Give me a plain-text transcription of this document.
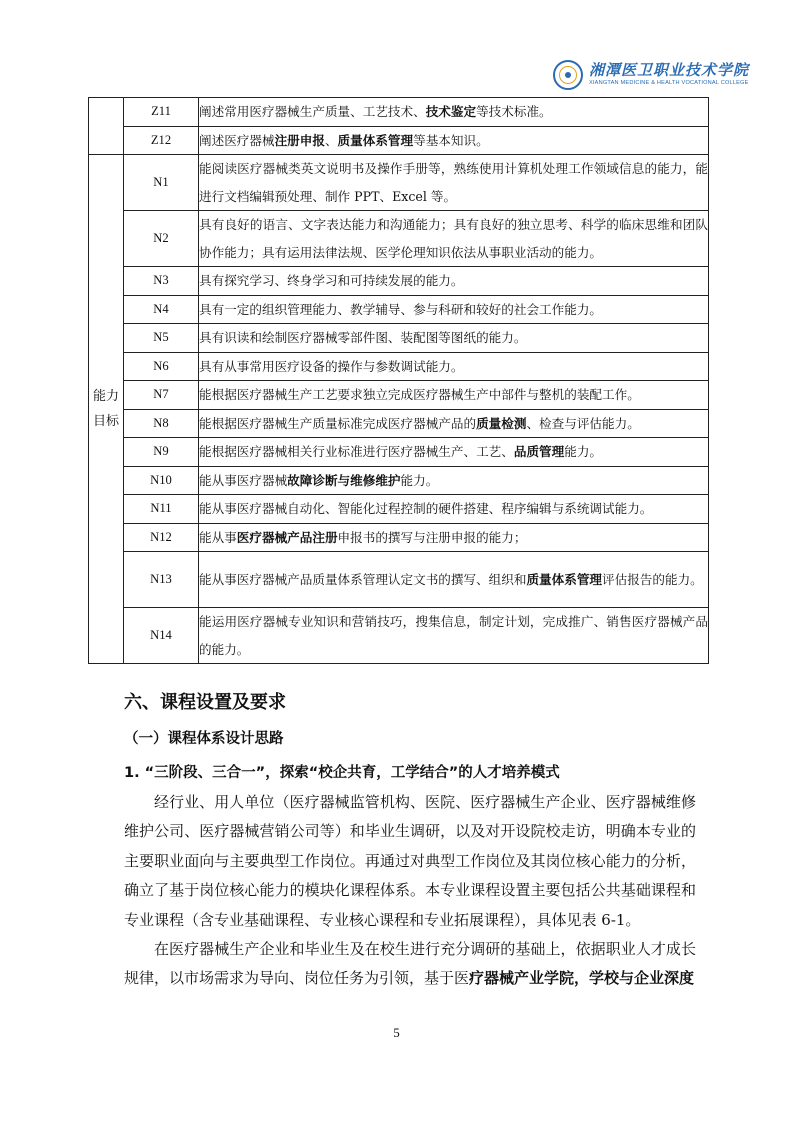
湘潭医卫职业技术学院
XIANGTAN MEDICINE & HEALTH VOCATIONAL COLLEGE
	Z11	阐述常用医疗器械生产质量、工艺技术、技术鉴定等技术标准。
	Z12	阐述医疗器械注册申报、质量体系管理等基本知识。
能力目标	N1	能阅读医疗器械类英文说明书及操作手册等，熟练使用计算机处理工作领域信息的能力，能进行文档编辑预处理、制作 PPT、Excel 等。
	N2	具有良好的语言、文字表达能力和沟通能力；具有良好的独立思考、科学的临床思维和团队协作能力；具有运用法律法规、医学伦理知识依法从事职业活动的能力。
	N3	具有探究学习、终身学习和可持续发展的能力。
	N4	具有一定的组织管理能力、教学辅导、参与科研和较好的社会工作能力。
	N5	具有识读和绘制医疗器械零部件图、装配图等图纸的能力。
	N6	具有从事常用医疗设备的操作与参数调试能力。
	N7	能根据医疗器械生产工艺要求独立完成医疗器械生产中部件与整机的装配工作。
	N8	能根据医疗器械生产质量标准完成医疗器械产品的质量检测、检查与评估能力。
	N9	能根据医疗器械相关行业标准进行医疗器械生产、工艺、品质管理能力。
	N10	能从事医疗器械故障诊断与维修维护能力。
	N11	能从事医疗器械自动化、智能化过程控制的硬件搭建、程序编辑与系统调试能力。
	N12	能从事医疗器械产品注册申报书的撰写与注册申报的能力；
	N13	能从事医疗器械产品质量体系管理认定文书的撰写、组织和质量体系管理评估报告的能力。
	N14	能运用医疗器械专业知识和营销技巧，搜集信息，制定计划，完成推广、销售医疗器械产品的能力。
六、课程设置及要求
（一）课程体系设计思路
1. “三阶段、三合一”，探索“校企共育，工学结合”的人才培养模式
经行业、用人单位（医疗器械监管机构、医院、医疗器械生产企业、医疗器械维修维护公司、医疗器械营销公司等）和毕业生调研，以及对开设院校走访，明确本专业的主要职业面向与主要典型工作岗位。再通过对典型工作岗位及其岗位核心能力的分析，确立了基于岗位核心能力的模块化课程体系。本专业课程设置主要包括公共基础课程和专业课程（含专业基础课程、专业核心课程和专业拓展课程），具体见表 6-1。
在医疗器械生产企业和毕业生及在校生进行充分调研的基础上，依据职业人才成长规律，以市场需求为导向、岗位任务为引领，基于医疗器械产业学院，学校与企业深度
5
